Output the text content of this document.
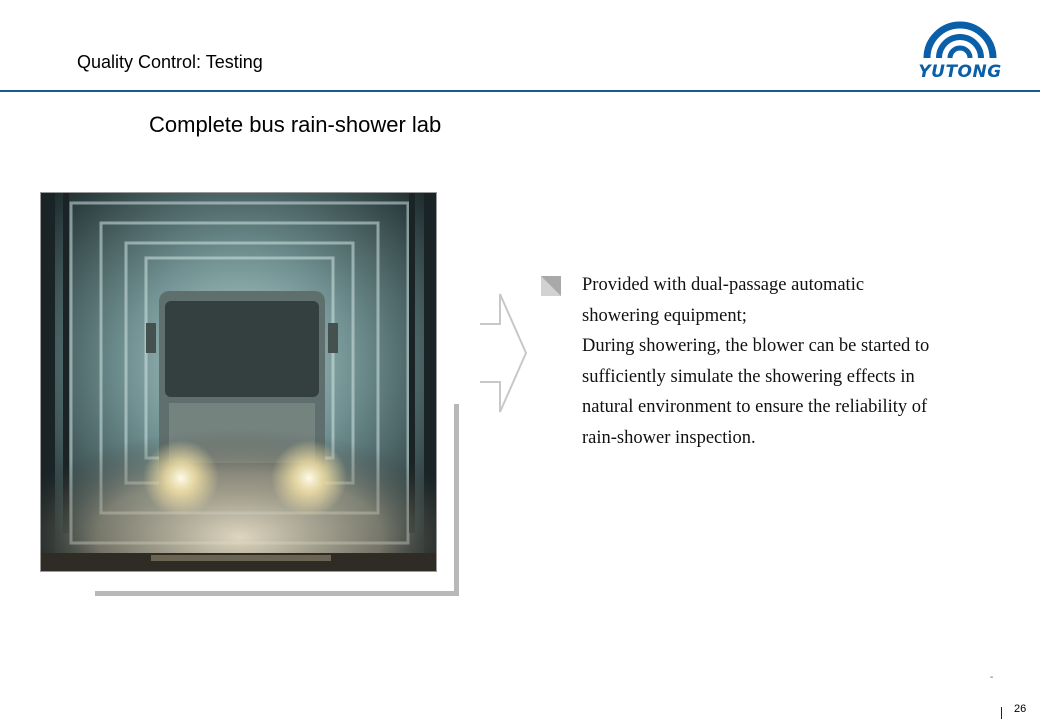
Quality Control: Testing	YUTONG
Complete bus rain-shower lab

Provided with dual-passage automatic showering equipment;

During showering, the blower can be started to sufficiently simulate the showering effects in natural environment to ensure the reliability of rain-shower inspection.

-
26
